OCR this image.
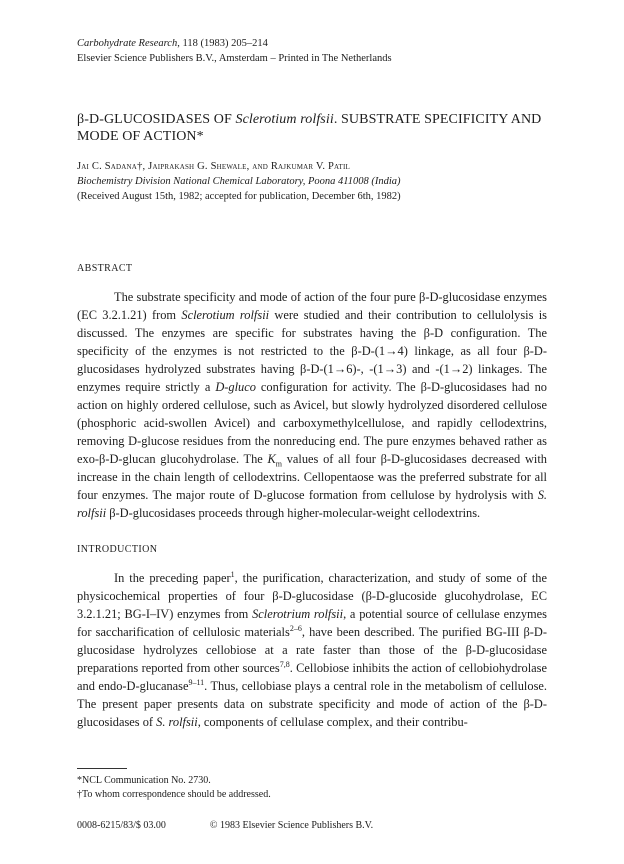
Carbohydrate Research, 118 (1983) 205–214
Elsevier Science Publishers B.V., Amsterdam – Printed in The Netherlands
β-D-GLUCOSIDASES OF Sclerotium rolfsii. SUBSTRATE SPECIFICITY AND MODE OF ACTION*
Jai C. Sadana†, Jaiprakash G. Shewale, and Rajkumar V. Patil
Biochemistry Division National Chemical Laboratory, Poona 411008 (India)
(Received August 15th, 1982; accepted for publication, December 6th, 1982)
ABSTRACT
The substrate specificity and mode of action of the four pure β-D-glucosidase enzymes (EC 3.2.1.21) from Sclerotium rolfsii were studied and their contribution to cellulolysis is discussed. The enzymes are specific for substrates having the β-D configuration. The specificity of the enzymes is not restricted to the β-D-(1→4) linkage, as all four β-D-glucosidases hydrolyzed substrates having β-D-(1→6)-, -(1→3) and -(1→2) linkages. The enzymes require strictly a D-gluco configuration for activity. The β-D-glucosidases had no action on highly ordered cellulose, such as Avicel, but slowly hydrolyzed disordered cellulose (phosphoric acid-swollen Avicel) and carboxymethylcellulose, and rapidly cellodextrins, removing D-glucose residues from the nonreducing end. The pure enzymes behaved rather as exo-β-D-glucan glucohydrolase. The $K_m$ values of all four β-D-glucosidases decreased with increase in the chain length of cellodextrins. Cellopentaose was the preferred substrate for all four enzymes. The major route of D-glucose formation from cellulose by hydrolysis with S. rolfsii β-D-glucosidases proceeds through higher-molecular-weight cellodextrins.
INTRODUCTION
In the preceding paper$^1$, the purification, characterization, and study of some of the physicochemical properties of four β-D-glucosidase (β-D-glucoside glucohydrolase, EC 3.2.1.21; BG-I–IV) enzymes from Sclerotrium rolfsii, a potential source of cellulase enzymes for saccharification of cellulosic materials$^{2-6}$, have been described. The purified BG-III β-D-glucosidase hydrolyzes cellobiose at a rate faster than those of the β-D-glucosidase preparations reported from other sources$^{7,8}$. Cellobiose inhibits the action of cellobiohydrolase and endo-D-glucanase$^{9-11}$. Thus, cellobiase plays a central role in the metabolism of cellulose. The present paper presents data on substrate specificity and mode of action of the β-D-glucosidases of S. rolfsii, components of cellulase complex, and their contribu-
*NCL Communication No. 2730.
†To whom correspondence should be addressed.
0008-6215/83/$ 03.00	© 1983 Elsevier Science Publishers B.V.
